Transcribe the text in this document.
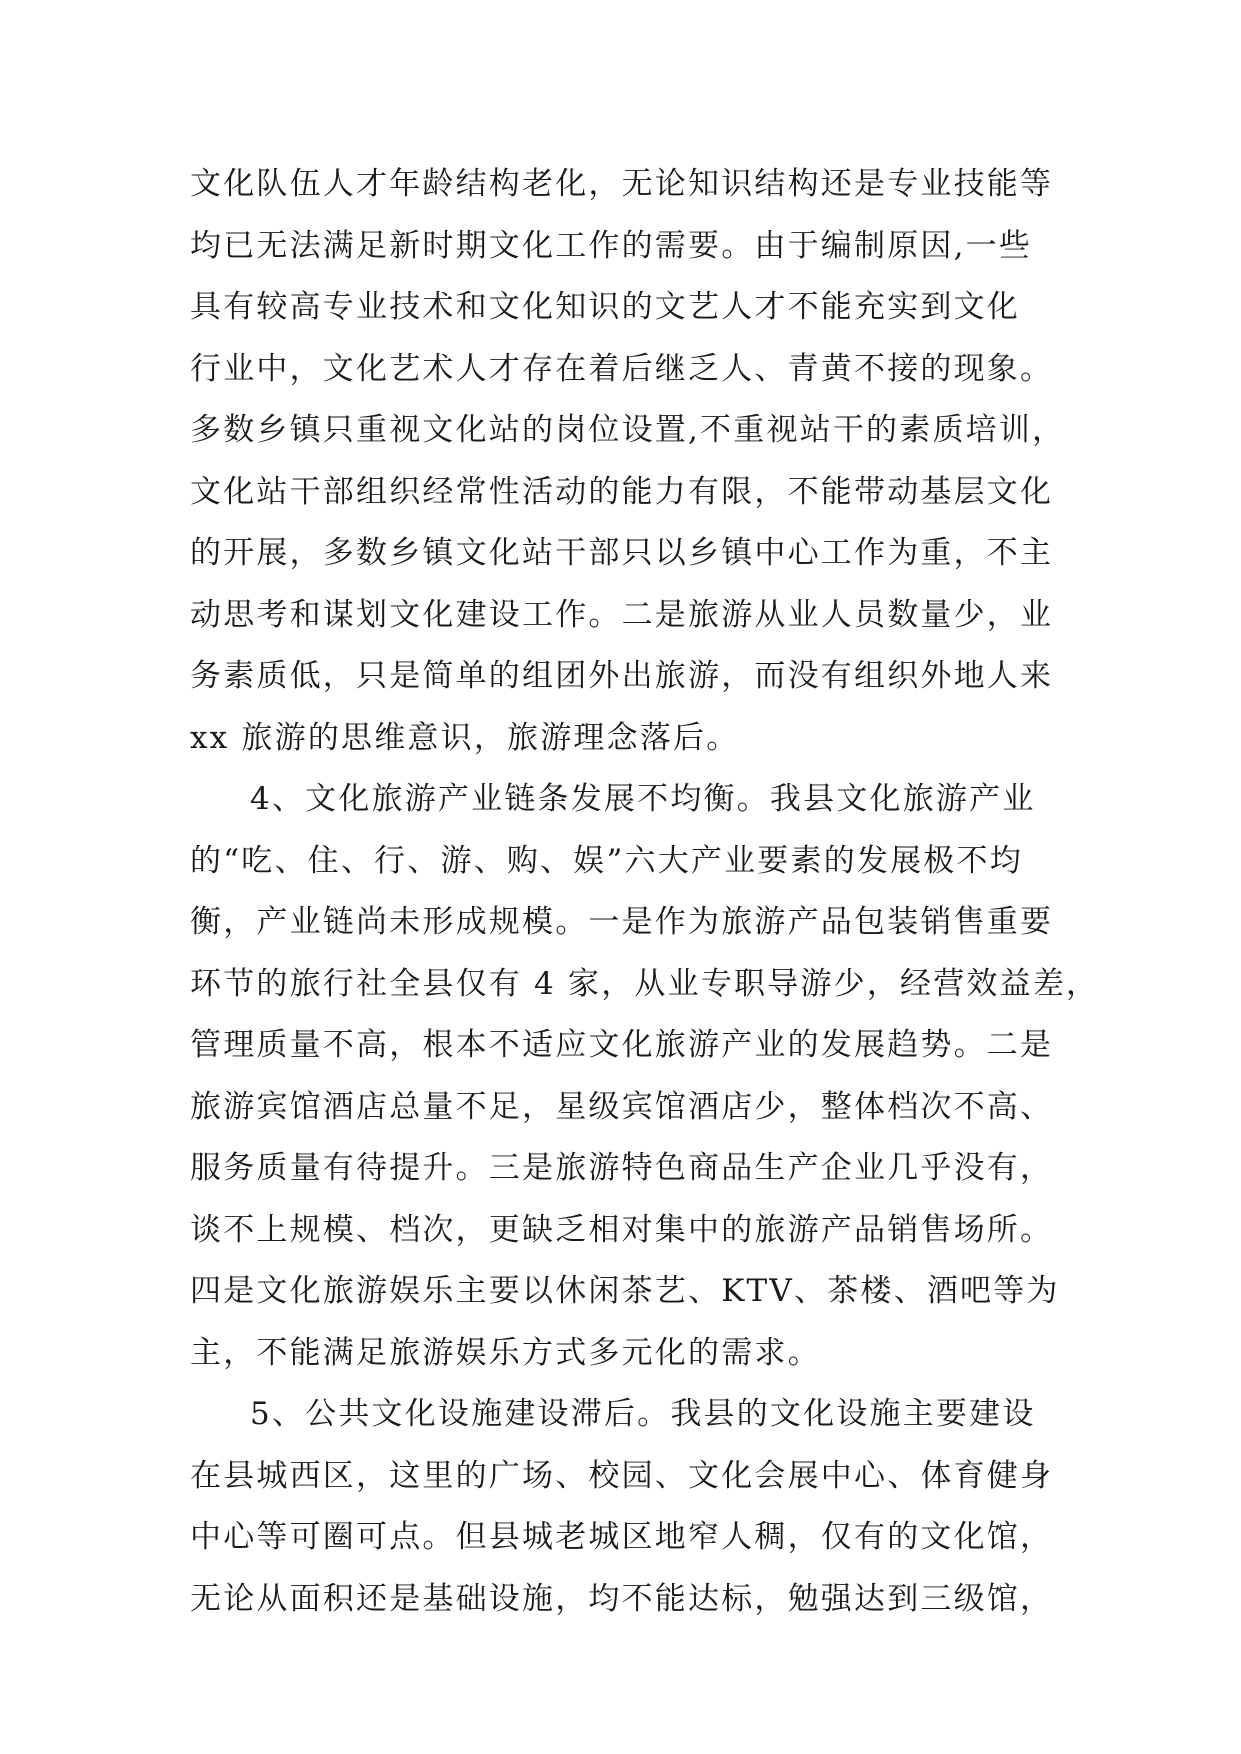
文化队伍人才年龄结构老化，无论知识结构还是专业技能等
均已无法满足新时期文化工作的需要。由于编制原因,一些
具有较高专业技术和文化知识的文艺人才不能充实到文化
行业中，文化艺术人才存在着后继乏人、青黄不接的现象。
多数乡镇只重视文化站的岗位设置,不重视站干的素质培训，
文化站干部组织经常性活动的能力有限，不能带动基层文化
的开展，多数乡镇文化站干部只以乡镇中心工作为重，不主
动思考和谋划文化建设工作。二是旅游从业人员数量少，业
务素质低，只是简单的组团外出旅游，而没有组织外地人来
xx 旅游的思维意识，旅游理念落后。
4、文化旅游产业链条发展不均衡。我县文化旅游产业
的“吃、住、行、游、购、娱”六大产业要素的发展极不均
衡，产业链尚未形成规模。一是作为旅游产品包装销售重要
环节的旅行社全县仅有 4 家，从业专职导游少，经营效益差，
管理质量不高，根本不适应文化旅游产业的发展趋势。二是
旅游宾馆酒店总量不足，星级宾馆酒店少，整体档次不高、
服务质量有待提升。三是旅游特色商品生产企业几乎没有，
谈不上规模、档次，更缺乏相对集中的旅游产品销售场所。
四是文化旅游娱乐主要以休闲茶艺、KTV、茶楼、酒吧等为
主，不能满足旅游娱乐方式多元化的需求。
5、公共文化设施建设滞后。我县的文化设施主要建设
在县城西区，这里的广场、校园、文化会展中心、体育健身
中心等可圈可点。但县城老城区地窄人稠，仅有的文化馆，
无论从面积还是基础设施，均不能达标，勉强达到三级馆，
